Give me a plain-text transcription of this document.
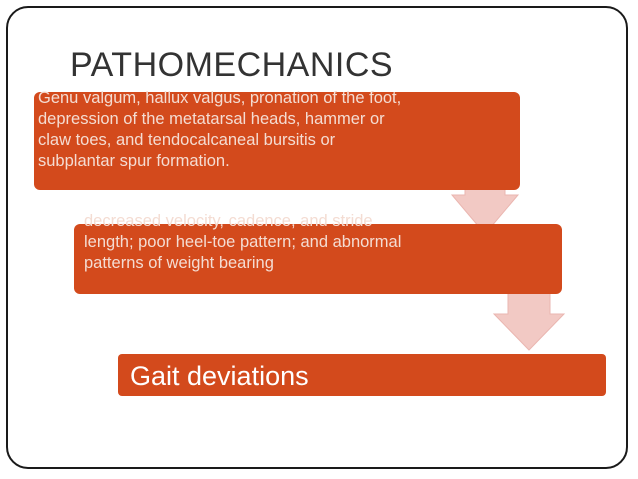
PATHOMECHANICS
Genu valgum, hallux valgus, pronation of the foot, depression of the metatarsal heads, hammer or claw toes, and tendocalcaneal bursitis or subplantar spur formation.
decreased velocity, cadence, and stride length; poor heel-toe pattern; and abnormal patterns of weight bearing
Gait deviations
